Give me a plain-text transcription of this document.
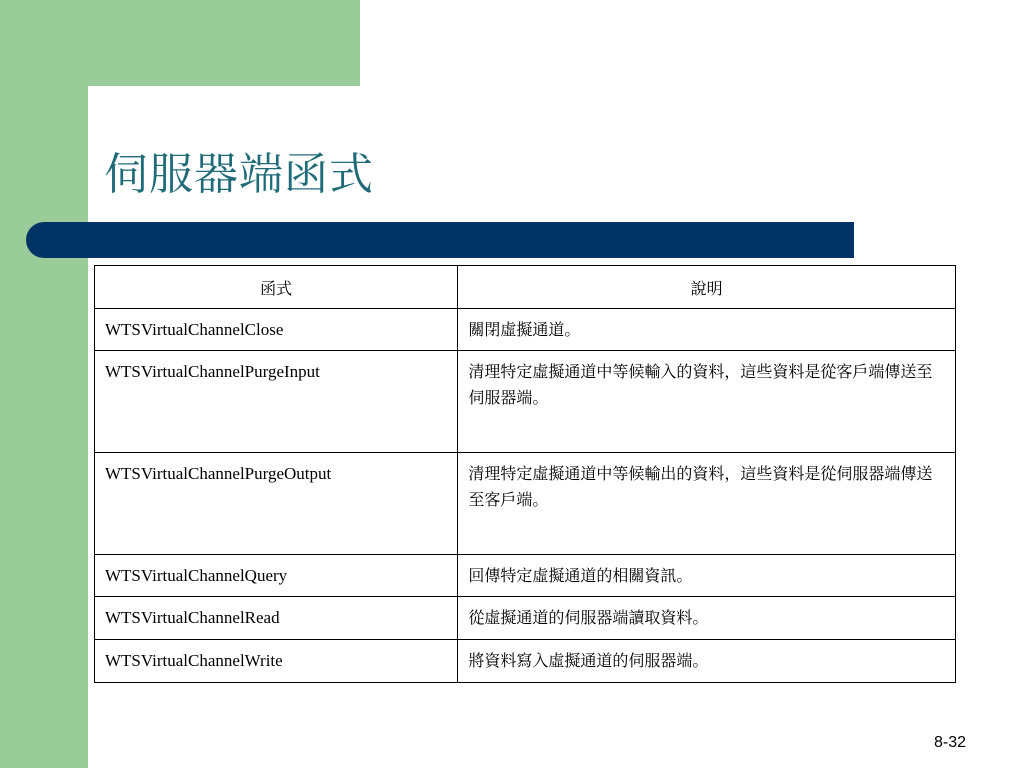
伺服器端函式
函式	說明
WTSVirtualChannelClose	關閉虛擬通道。
WTSVirtualChannelPurgeInput	清理特定虛擬通道中等候輸入的資料，這些資料是從客戶端傳送至伺服器端。
WTSVirtualChannelPurgeOutput	清理特定虛擬通道中等候輸出的資料，這些資料是從伺服器端傳送至客戶端。
WTSVirtualChannelQuery	回傳特定虛擬通道的相關資訊。
WTSVirtualChannelRead	從虛擬通道的伺服器端讀取資料。
WTSVirtualChannelWrite	將資料寫入虛擬通道的伺服器端。
8-32
